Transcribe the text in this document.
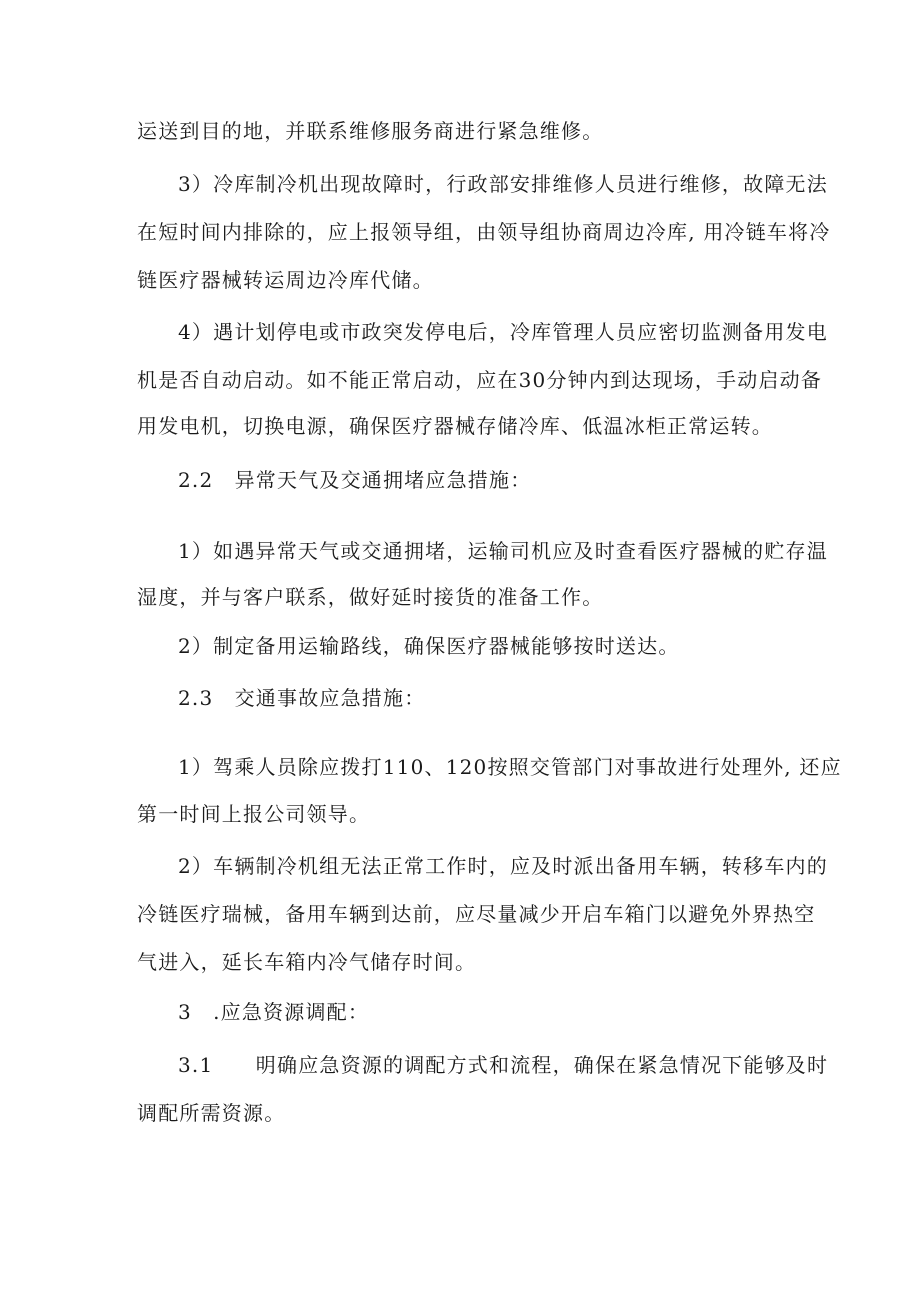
运送到目的地，并联系维修服务商进行紧急维修。
3）冷库制冷机出现故障时，行政部安排维修人员进行维修，故障无法
在短时间内排除的，应上报领导组，由领导组协商周边冷库, 用冷链车将冷
链医疗器械转运周边冷库代储。
4）遇计划停电或市政突发停电后，冷库管理人员应密切监测备用发电
机是否自动启动。如不能正常启动，应在30分钟内到达现场，手动启动备
用发电机，切换电源，确保医疗器械存储冷库、低温冰柜正常运转。
2.2　异常天气及交通拥堵应急措施：
1）如遇异常天气或交通拥堵，运输司机应及时查看医疗器械的贮存温
湿度，并与客户联系，做好延时接货的准备工作。
2）制定备用运输路线，确保医疗器械能够按时送达。
2.3　交通事故应急措施：
1）驾乘人员除应拨打110、120按照交管部门对事故进行处理外, 还应
第一时间上报公司领导。
2）车辆制冷机组无法正常工作时，应及时派出备用车辆，转移车内的
冷链医疗瑞械，备用车辆到达前，应尽量减少开启车箱门以避免外界热空
气进入，延长车箱内冷气储存时间。
3　.应急资源调配：
3.1　　明确应急资源的调配方式和流程，确保在紧急情况下能够及时
调配所需资源。
